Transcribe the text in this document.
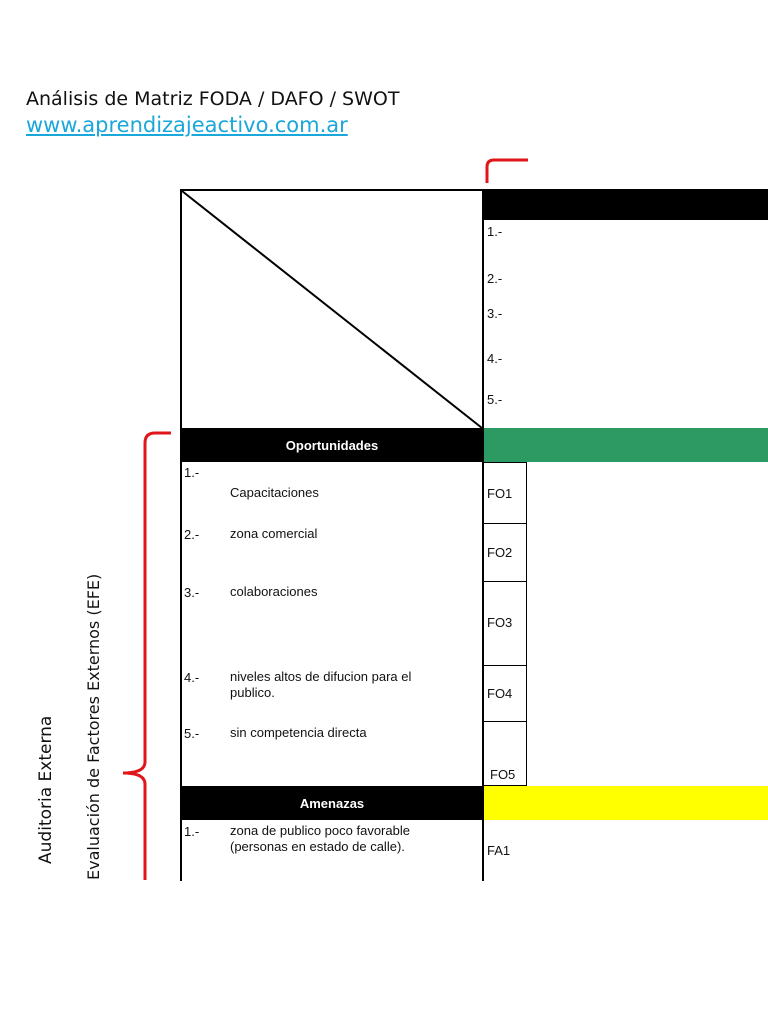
Análisis de Matriz FODA / DAFO / SWOT
www.aprendizajeactivo.com.ar
Auditoria Externa Evaluación de Factores Externos (EFE)
1.-
2.-
3.-
4.-
5.-
Oportunidades
1.-
Capacitaciones
2.- zona comercial
3.- colaboraciones
4.- niveles altos de difucion para el publico.
5.- sin competencia directa
FO1
FO2
FO3
FO4
FO5
Amenazas
1.- zona de publico poco favorable (personas en estado de calle).	FA1
